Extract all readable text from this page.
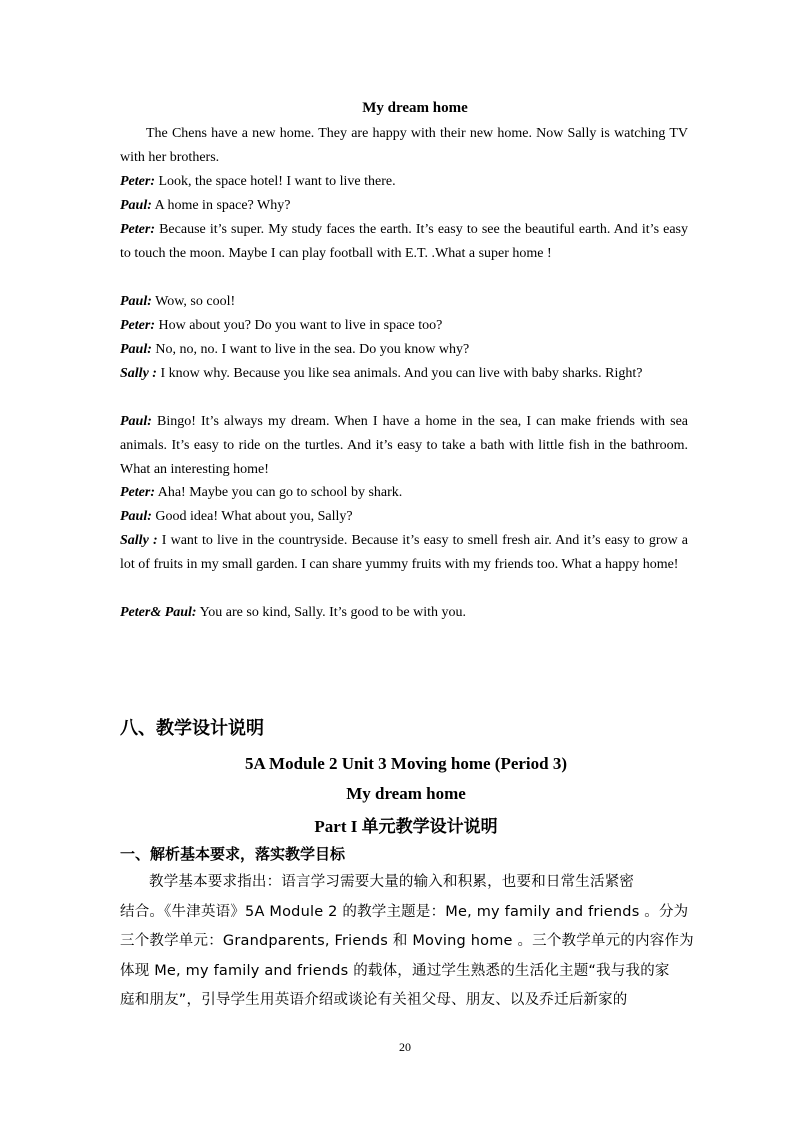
My dream home
The Chens have a new home. They are happy with their new home. Now Sally is watching TV with her brothers.
Peter: Look, the space hotel! I want to live there.
Paul: A home in space? Why?
Peter: Because it’s super. My study faces the earth. It’s easy to see the beautiful earth. And it’s easy to touch the moon. Maybe I can play football with E.T. .What a super home !
Paul: Wow, so cool!
Peter: How about you? Do you want to live in space too?
Paul: No, no, no. I want to live in the sea. Do you know why?
Sally : I know why. Because you like sea animals. And you can live with baby sharks. Right?
Paul: Bingo! It’s always my dream. When I have a home in the sea, I can make friends with sea animals. It’s easy to ride on the turtles. And it’s easy to take a bath with little fish in the bathroom. What an interesting home!
Peter: Aha! Maybe you can go to school by shark.
Paul: Good idea! What about you, Sally?
Sally : I want to live in the countryside. Because it’s easy to smell fresh air. And it’s easy to grow a lot of fruits in my small garden. I can share yummy fruits with my friends too. What a happy home!
Peter& Paul: You are so kind, Sally. It’s good to be with you.
八、教学设计说明
5A Module 2 Unit 3 Moving home (Period 3)
My dream home
Part I 单元教学设计说明
一、解析基本要求，落实教学目标
教学基本要求指出：语言学习需要大量的输入和积累，也要和日常生活紧密
结合。《牛津英语》5A Module 2 的教学主题是：Me, my family and friends 。分为
三个教学单元：Grandparents, Friends 和 Moving home 。三个教学单元的内容作为
体现 Me, my family and friends 的载体，通过学生熟悉的生活化主题“我与我的家
庭和朋友”，引导学生用英语介绍或谈论有关祖父母、朋友、以及乔迁后新家的
20
